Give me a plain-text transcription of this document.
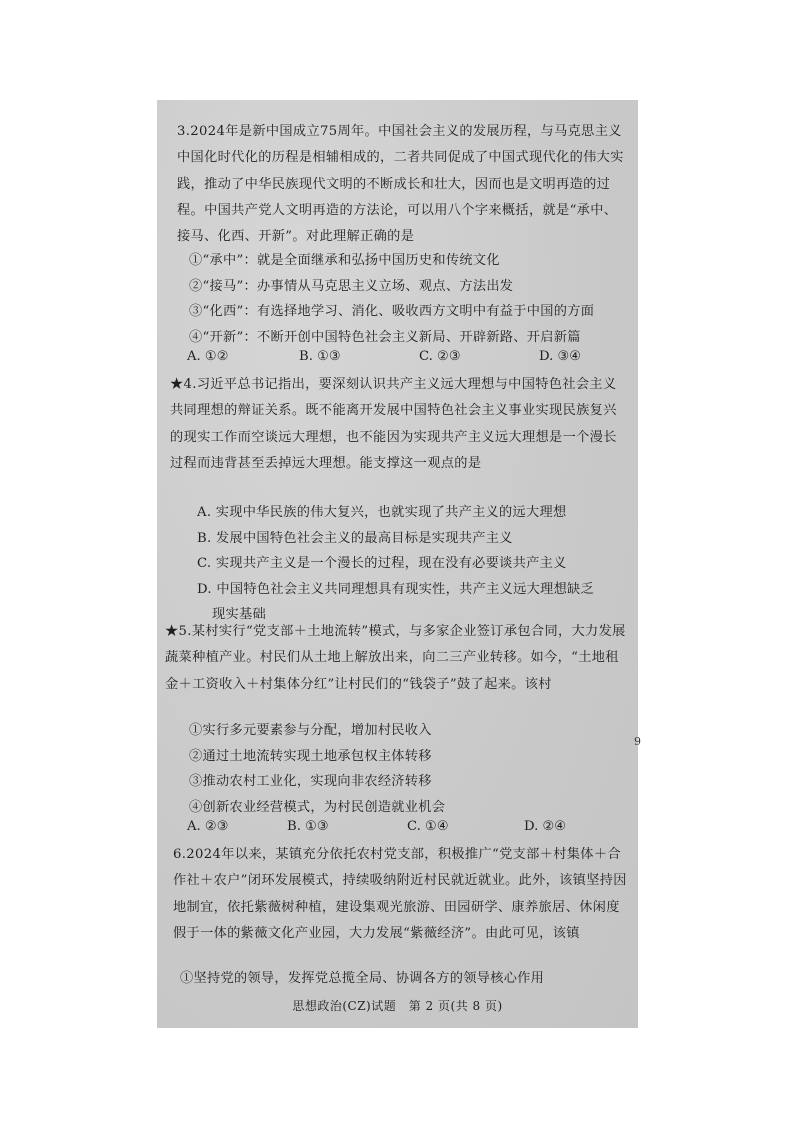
3.2024年是新中国成立75周年。中国社会主义的发展历程，与马克思主义中国化时代化的历程是相辅相成的，二者共同促成了中国式现代化的伟大实践，推动了中华民族现代文明的不断成长和壮大，因而也是文明再造的过程。中国共产党人文明再造的方法论，可以用八个字来概括，就是“承中、接马、化西、开新”。对此理解正确的是
①“承中”：就是全面继承和弘扬中国历史和传统文化
②“接马”：办事情从马克思主义立场、观点、方法出发
③“化西”：有选择地学习、消化、吸收西方文明中有益于中国的方面
④“开新”：不断开创中国特色社会主义新局、开辟新路、开启新篇
A. ①②	B. ①③	C. ②③	D. ③④
★4.习近平总书记指出，要深刻认识共产主义远大理想与中国特色社会主义共同理想的辩证关系。既不能离开发展中国特色社会主义事业实现民族复兴的现实工作而空谈远大理想，也不能因为实现共产主义远大理想是一个漫长过程而违背甚至丢掉远大理想。能支撑这一观点的是
A. 实现中华民族的伟大复兴，也就实现了共产主义的远大理想
B. 发展中国特色社会主义的最高目标是实现共产主义
C. 实现共产主义是一个漫长的过程，现在没有必要谈共产主义
D. 中国特色社会主义共同理想具有现实性，共产主义远大理想缺乏
现实基础
★5.某村实行“党支部＋土地流转”模式，与多家企业签订承包合同，大力发展蔬菜种植产业。村民们从土地上解放出来，向二三产业转移。如今，“土地租金＋工资收入＋村集体分红”让村民们的“钱袋子”鼓了起来。该村
①实行多元要素参与分配，增加村民收入
②通过土地流转实现土地承包权主体转移
③推动农村工业化，实现向非农经济转移
④创新农业经营模式，为村民创造就业机会
A. ②③	B. ①③	C. ①④	D. ②④
6.2024年以来，某镇充分依托农村党支部，积极推广“党支部＋村集体＋合作社＋农户”闭环发展模式，持续吸纳附近村民就近就业。此外，该镇坚持因地制宜，依托紫薇树种植，建设集观光旅游、田园研学、康养旅居、休闲度假于一体的紫薇文化产业园，大力发展“紫薇经济”。由此可见，该镇
①坚持党的领导，发挥党总揽全局、协调各方的领导核心作用
思想政治(CZ)试题　第 2 页(共 8 页)
9
